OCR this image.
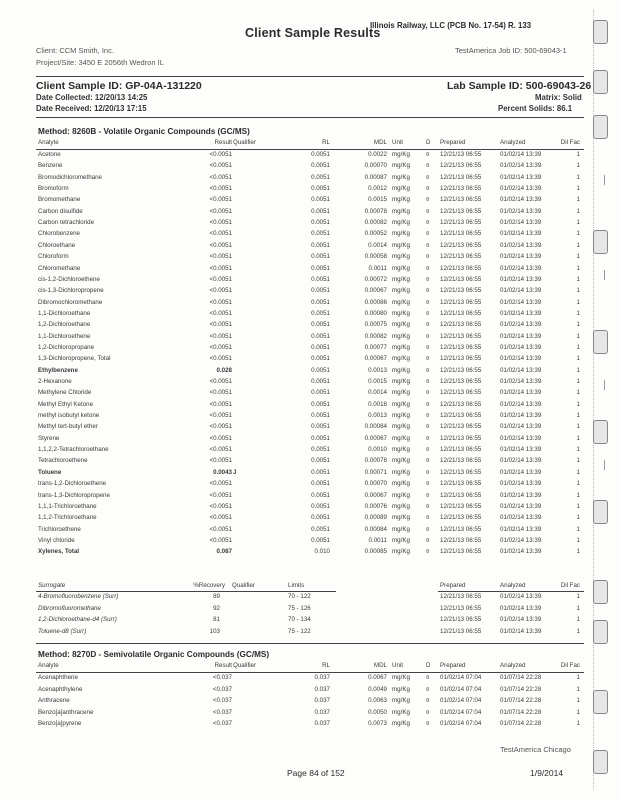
Client Sample Results
Illinois Railway, LLC (PCB No. 17-54) R. 133
Client: CCM Smith, Inc.
Project/Site: 3450 E 2056th Wedron IL
TestAmerica Job ID: 500-69043-1
Client Sample ID: GP-04A-131220	Lab Sample ID: 500-69043-26
Date Collected: 12/20/13 14:25
Date Received: 12/20/13 17:15
Matrix: Solid
Percent Solids: 86.1
Method: 8260B - Volatile Organic Compounds (GC/MS)
Analyte	Result Qualifier	RL	MDL Unit	D Prepared	Analyzed	Dil Fac
Acetone	<0.0051	0.0051	0.0022 mg/Kg	¤ 12/21/13 06:55	01/02/14 13:39	1
Benzene	<0.0051	0.0051	0.00070 mg/Kg	¤ 12/21/13 06:55	01/02/14 13:39	1
Bromodichloromethane	<0.0051	0.0051	0.00087 mg/Kg	¤ 12/21/13 06:55	01/02/14 13:39	1
Bromoform	<0.0051	0.0051	0.0012 mg/Kg	¤ 12/21/13 06:55	01/02/14 13:39	1
Bromomethane	<0.0051	0.0051	0.0015 mg/Kg	¤ 12/21/13 06:55	01/02/14 13:39	1
Carbon disulfide	<0.0051	0.0051	0.00078 mg/Kg	¤ 12/21/13 06:55	01/02/14 13:39	1
Carbon tetrachloride	<0.0051	0.0051	0.00082 mg/Kg	¤ 12/21/13 06:55	01/02/14 13:39	1
Chlorobenzene	<0.0051	0.0051	0.00052 mg/Kg	¤ 12/21/13 06:55	01/02/14 13:39	1
Chloroethane	<0.0051	0.0051	0.0014 mg/Kg	¤ 12/21/13 06:55	01/02/14 13:39	1
Chloroform	<0.0051	0.0051	0.00058 mg/Kg	¤ 12/21/13 06:55	01/02/14 13:39	1
Chloromethane	<0.0051	0.0051	0.0011 mg/Kg	¤ 12/21/13 06:55	01/02/14 13:39	1
cis-1,2-Dichloroethene	<0.0051	0.0051	0.00072 mg/Kg	¤ 12/21/13 06:55	01/02/14 13:39	1
cis-1,3-Dichloropropene	<0.0051	0.0051	0.00067 mg/Kg	¤ 12/21/13 06:55	01/02/14 13:39	1
Dibromochloromethane	<0.0051	0.0051	0.00086 mg/Kg	¤ 12/21/13 06:55	01/02/14 13:39	1
1,1-Dichloroethane	<0.0051	0.0051	0.00080 mg/Kg	¤ 12/21/13 06:55	01/02/14 13:39	1
1,2-Dichloroethane	<0.0051	0.0051	0.00075 mg/Kg	¤ 12/21/13 06:55	01/02/14 13:39	1
1,1-Dichloroethene	<0.0051	0.0051	0.00082 mg/Kg	¤ 12/21/13 06:55	01/02/14 13:39	1
1,2-Dichloropropane	<0.0051	0.0051	0.00077 mg/Kg	¤ 12/21/13 06:55	01/02/14 13:39	1
1,3-Dichloropropene, Total	<0.0051	0.0051	0.00067 mg/Kg	¤ 12/21/13 06:55	01/02/14 13:39	1
Ethylbenzene	0.028	0.0051	0.0013 mg/Kg	¤ 12/21/13 06:55	01/02/14 13:39	1
2-Hexanone	<0.0051	0.0051	0.0015 mg/Kg	¤ 12/21/13 06:55	01/02/14 13:39	1
Methylene Chloride	<0.0051	0.0051	0.0014 mg/Kg	¤ 12/21/13 06:55	01/02/14 13:39	1
Methyl Ethyl Ketone	<0.0051	0.0051	0.0018 mg/Kg	¤ 12/21/13 06:55	01/02/14 13:39	1
methyl isobutyl ketone	<0.0051	0.0051	0.0013 mg/Kg	¤ 12/21/13 06:55	01/02/14 13:39	1
Methyl tert-butyl ether	<0.0051	0.0051	0.00084 mg/Kg	¤ 12/21/13 06:55	01/02/14 13:39	1
Styrene	<0.0051	0.0051	0.00067 mg/Kg	¤ 12/21/13 06:55	01/02/14 13:39	1
1,1,2,2-Tetrachloroethane	<0.0051	0.0051	0.0010 mg/Kg	¤ 12/21/13 06:55	01/02/14 13:39	1
Tetrachloroethene	<0.0051	0.0051	0.00078 mg/Kg	¤ 12/21/13 06:55	01/02/14 13:39	1
Toluene	0.0043 J	0.0051	0.00071 mg/Kg	¤ 12/21/13 06:55	01/02/14 13:39	1
trans-1,2-Dichloroethene	<0.0051	0.0051	0.00070 mg/Kg	¤ 12/21/13 06:55	01/02/14 13:39	1
trans-1,3-Dichloropropene	<0.0051	0.0051	0.00067 mg/Kg	¤ 12/21/13 06:55	01/02/14 13:39	1
1,1,1-Trichloroethane	<0.0051	0.0051	0.00076 mg/Kg	¤ 12/21/13 06:55	01/02/14 13:39	1
1,1,2-Trichloroethane	<0.0051	0.0051	0.00089 mg/Kg	¤ 12/21/13 06:55	01/02/14 13:39	1
Trichloroethene	<0.0051	0.0051	0.00084 mg/Kg	¤ 12/21/13 06:55	01/02/14 13:39	1
Vinyl chloride	<0.0051	0.0051	0.0011 mg/Kg	¤ 12/21/13 06:55	01/02/14 13:39	1
Xylenes, Total	0.087	0.010	0.00085 mg/Kg	¤ 12/21/13 06:55	01/02/14 13:39	1
Surrogate	%Recovery Qualifier	Limits	Prepared	Analyzed	Dil Fac
4-Bromofluorobenzene (Surr)	89	70 - 122	12/21/13 06:55	01/02/14 13:39	1
Dibromofluoromethane	92	75 - 126	12/21/13 06:55	01/02/14 13:39	1
1,2-Dichloroethane-d4 (Surr)	81	70 - 134	12/21/13 06:55	01/02/14 13:39	1
Toluene-d8 (Surr)	103	75 - 122	12/21/13 06:55	01/02/14 13:39	1
Method: 8270D - Semivolatile Organic Compounds (GC/MS)
Analyte	Result Qualifier	RL	MDL Unit	D Prepared	Analyzed	Dil Fac
Acenaphthene	<0.037	0.037	0.0067 mg/Kg	¤ 01/02/14 07:04	01/07/14 22:28	1
Acenaphthylene	<0.037	0.037	0.0049 mg/Kg	¤ 01/02/14 07:04	01/07/14 22:28	1
Anthracene	<0.037	0.037	0.0063 mg/Kg	¤ 01/02/14 07:04	01/07/14 22:28	1
Benzo[a]anthracene	<0.037	0.037	0.0050 mg/Kg	¤ 01/02/14 07:04	01/07/14 22:28	1
Benzo[a]pyrene	<0.037	0.037	0.0073 mg/Kg	¤ 01/02/14 07:04	01/07/14 22:28	1
TestAmerica Chicago
Page 84 of 152	1/9/2014
